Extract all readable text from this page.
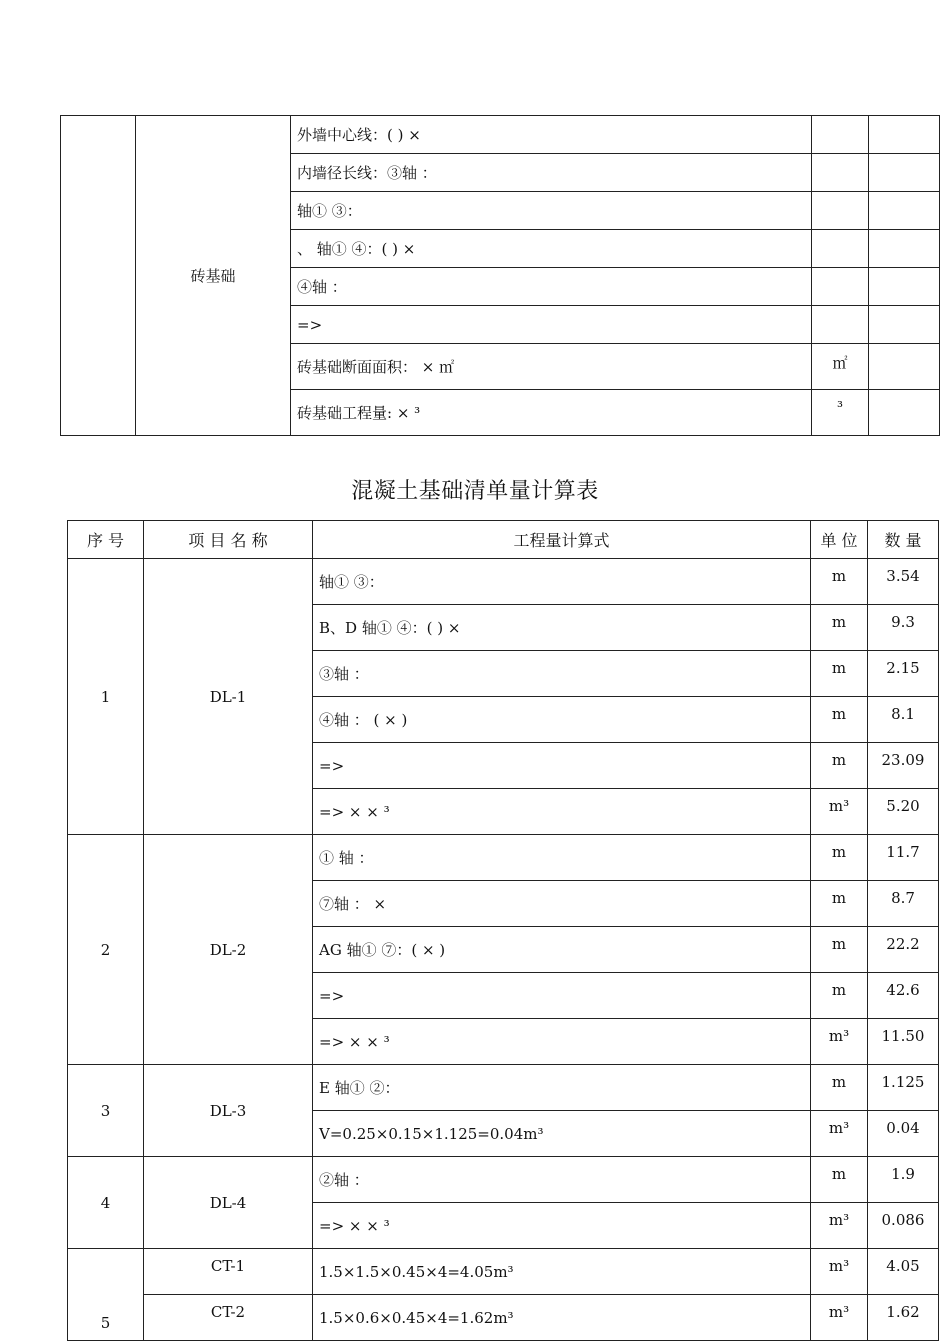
	砖基础	外墙中心线：( ) ×		
		内墙径长线：③轴 ：		
		轴① ③：		
		、 轴① ④：( ) ×		
		④轴 ：		
		=>		
		砖基础断面面积： × ㎡	㎡	
		砖基础工程量: × ³	³	
混凝土基础清单量计算表
序 号	项 目 名 称	工程量计算式	单 位	数 量
1	DL-1	轴① ③：	m	3.54
		B、D 轴① ④：( ) ×	m	9.3
		③轴 ：	m	2.15
		④轴 ： ( × )	m	8.1
		=>	m	23.09
		=> × × ³	m³	5.20
2	DL-2	① 轴 ：	m	11.7
		⑦轴 ： ×	m	8.7
		AG 轴① ⑦：( × )	m	22.2
		=>	m	42.6
		=> × × ³	m³	11.50
3	DL-3	E 轴① ②：	m	1.125
		V=0.25×0.15×1.125=0.04m³	m³	0.04
4	DL-4	②轴 ：	m	1.9
		=> × × ³	m³	0.086
5	CT-1	1.5×1.5×0.45×4=4.05m³	m³	4.05
	CT-2	1.5×0.6×0.45×4=1.62m³	m³	1.62
